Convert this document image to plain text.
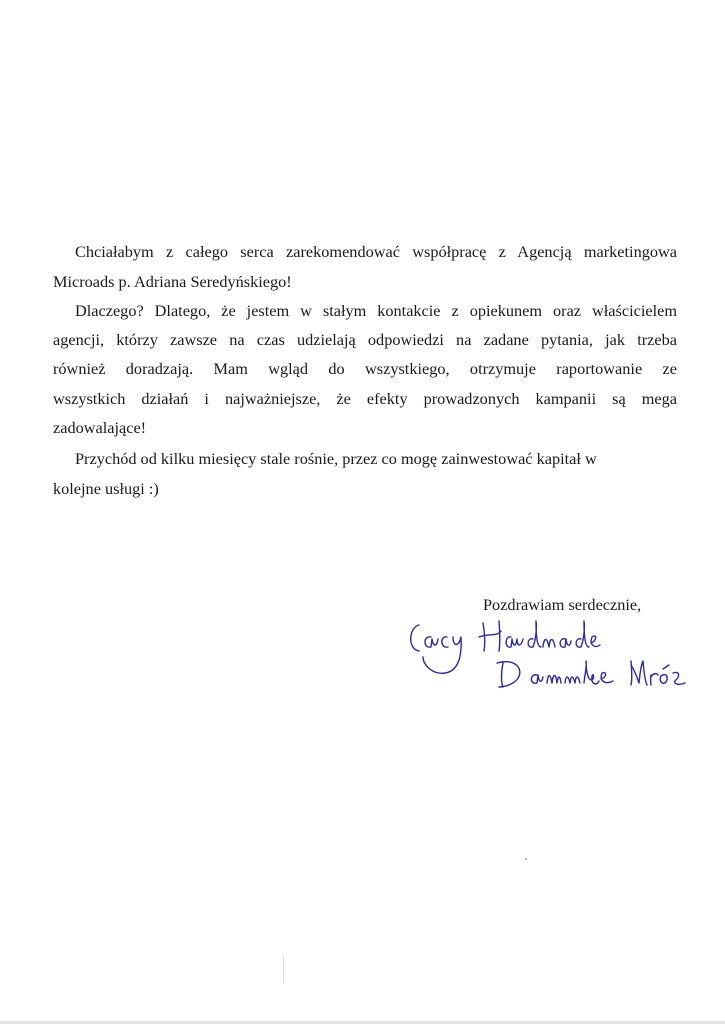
Chciałabym z całego serca zarekomendować współpracę z Agencją marketingowa
Microads p. Adriana Seredyńskiego!
Dlaczego? Dlatego, że jestem w stałym kontakcie z opiekunem oraz właścicielem
agencji, którzy zawsze na czas udzielają odpowiedzi na zadane pytania, jak trzeba
również doradzają. Mam wgląd do wszystkiego, otrzymuje raportowanie ze
wszystkich działań i najważniejsze, że efekty prowadzonych kampanii są mega
zadowalające!
Przychód od kilku miesięcy stale rośnie, przez co mogę zainwestować kapitał w
kolejne usługi :)
Pozdrawiam serdecznie,
